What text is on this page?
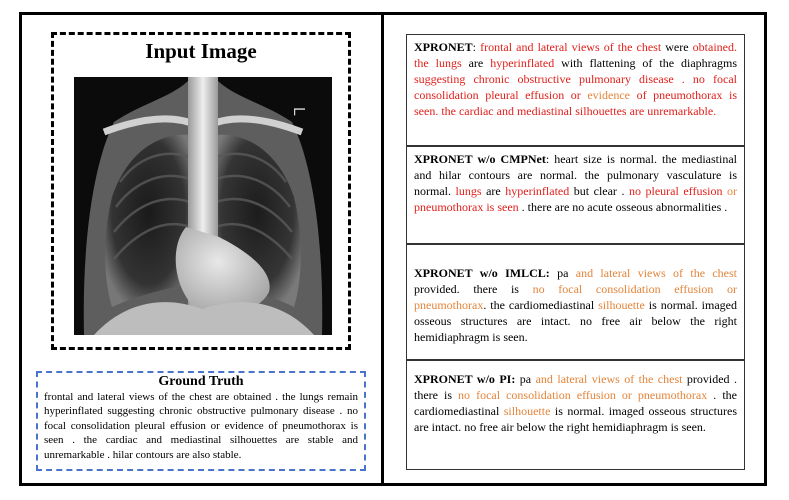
Input Image
L
Ground Truth
frontal and lateral views of the chest are obtained . the lungs remain hyperinflated suggesting chronic obstructive pulmonary disease . no focal consolidation pleural effusion or evidence of pneumothorax is seen . the cardiac and mediastinal silhouettes are stable and unremarkable . hilar contours are also stable.
XPRONET: frontal and lateral views of the chest were obtained. the lungs are hyperinflated with flattening of the diaphragms suggesting chronic obstructive pulmonary disease . no focal consolidation pleural effusion or evidence of pneumothorax is seen. the cardiac and mediastinal silhouettes are unremarkable.
XPRONET w/o CMPNet: heart size is normal. the mediastinal and hilar contours are normal. the pulmonary vasculature is normal. lungs are hyperinflated but clear . no pleural effusion or pneumothorax is seen . there are no acute osseous abnormalities .
XPRONET w/o IMLCL: pa and lateral views of the chest provided. there is no focal consolidation effusion or pneumothorax. the cardiomediastinal silhouette is normal. imaged osseous structures are intact. no free air below the right hemidiaphragm is seen.
XPRONET w/o PI: pa and lateral views of the chest provided . there is no focal consolidation effusion or pneumothorax . the cardiomediastinal silhouette is normal. imaged osseous structures are intact. no free air below the right hemidiaphragm is seen.
